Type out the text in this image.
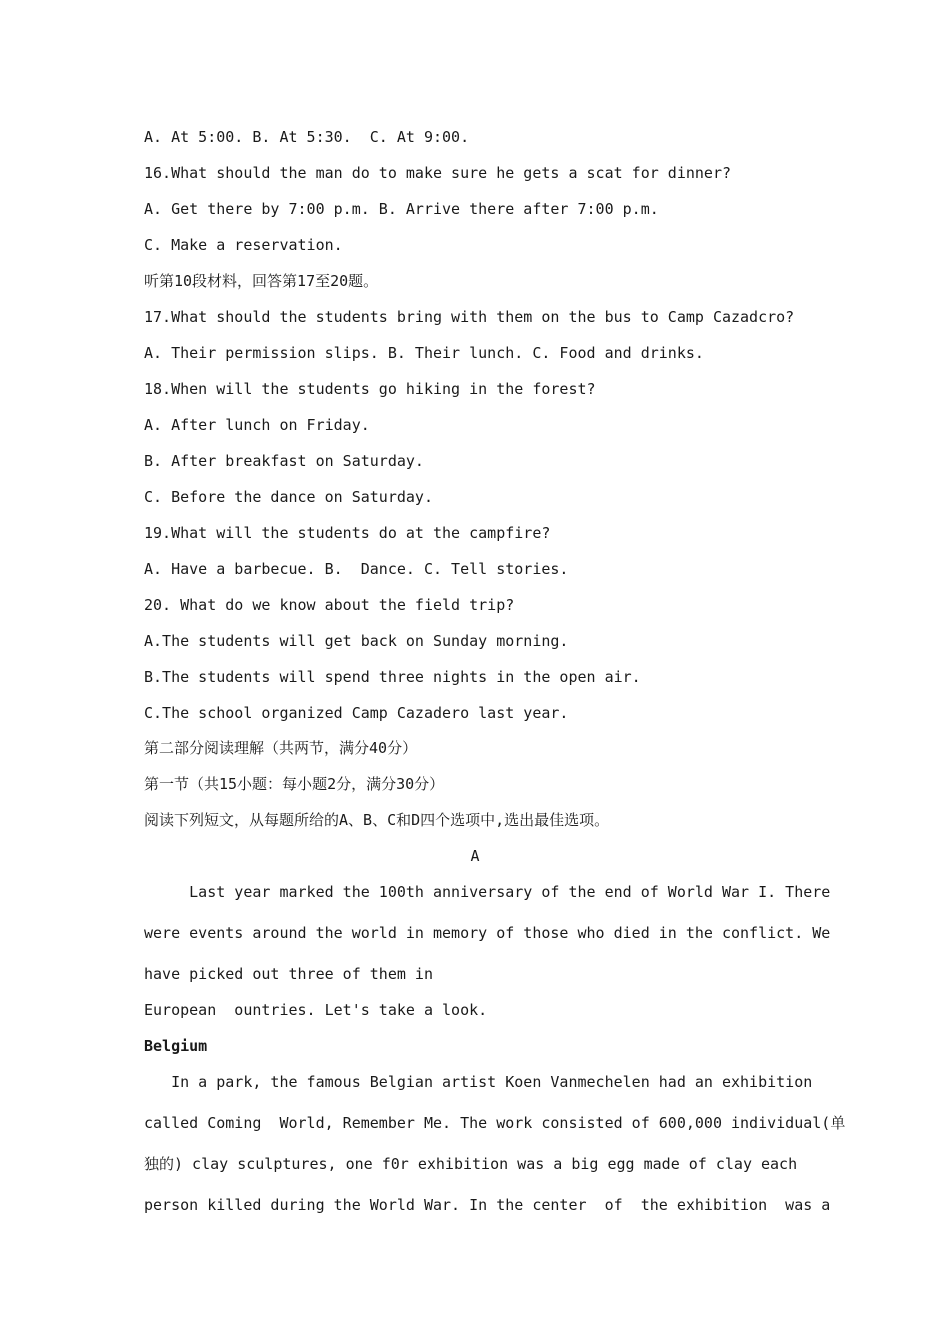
A. At 5:00. B. At 5:30.  C. At 9:00.
16.What should the man do to make sure he gets a scat for dinner?
A. Get there by 7:00 p.m. B. Arrive there after 7:00 p.m.
C. Make a reservation.
听第10段材料，回答第17至20题。
17.What should the students bring with them on the bus to Camp Cazadcro?
A. Their permission slips. B. Their lunch. C. Food and drinks.
18.When will the students go hiking in the forest?
A. After lunch on Friday.
B. After breakfast on Saturday.
C. Before the dance on Saturday.
19.What will the students do at the campfire?
A. Have a barbecue. B.  Dance. C. Tell stories.
20. What do we know about the field trip?
A.The students will get back on Sunday morning.
B.The students will spend three nights in the open air.
C.The school organized Camp Cazadero last year.
第二部分阅读理解（共两节，满分40分）
第一节（共15小题：每小题2分，满分30分）
阅读下列短文，从每题所给的A、B、C和D四个选项中,选出最佳选项。
A
Last year marked the 100th anniversary of the end of World War I. There
were events around the world in memory of those who died in the conflict. We
have picked out three of them in
European  ountries. Let's take a look.
Belgium
In a park, the famous Belgian artist Koen Vanmechelen had an exhibition
called Coming  World, Remember Me. The work consisted of 600,000 individual(单
独的) clay sculptures, one f0r exhibition was a big egg made of clay each
person killed during the World War. In the center  of  the exhibition  was a
